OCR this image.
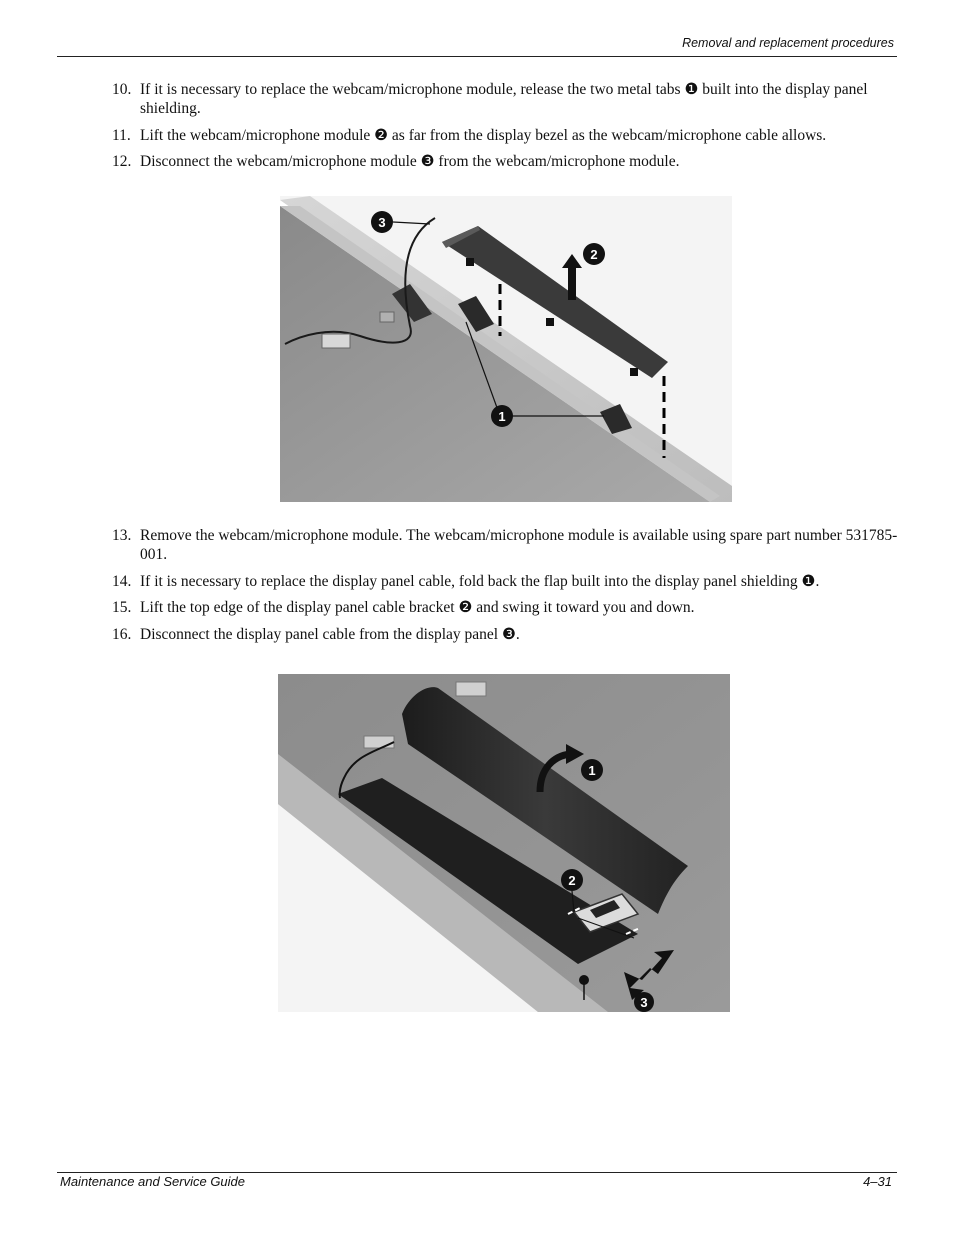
Removal and replacement procedures
10. If it is necessary to replace the webcam/microphone module, release the two metal tabs ❶ built into the display panel shielding.
11. Lift the webcam/microphone module ❷ as far from the display bezel as the webcam/microphone cable allows.
12. Disconnect the webcam/microphone module ❸ from the webcam/microphone module.
1
2
3
13. Remove the webcam/microphone module. The webcam/microphone module is available using spare part number 531785-001.
14. If it is necessary to replace the display panel cable, fold back the flap built into the display panel shielding ❶.
15. Lift the top edge of the display panel cable bracket ❷ and swing it toward you and down.
16. Disconnect the display panel cable from the display panel ❸.
1
2
3
Maintenance and Service Guide	4–31
